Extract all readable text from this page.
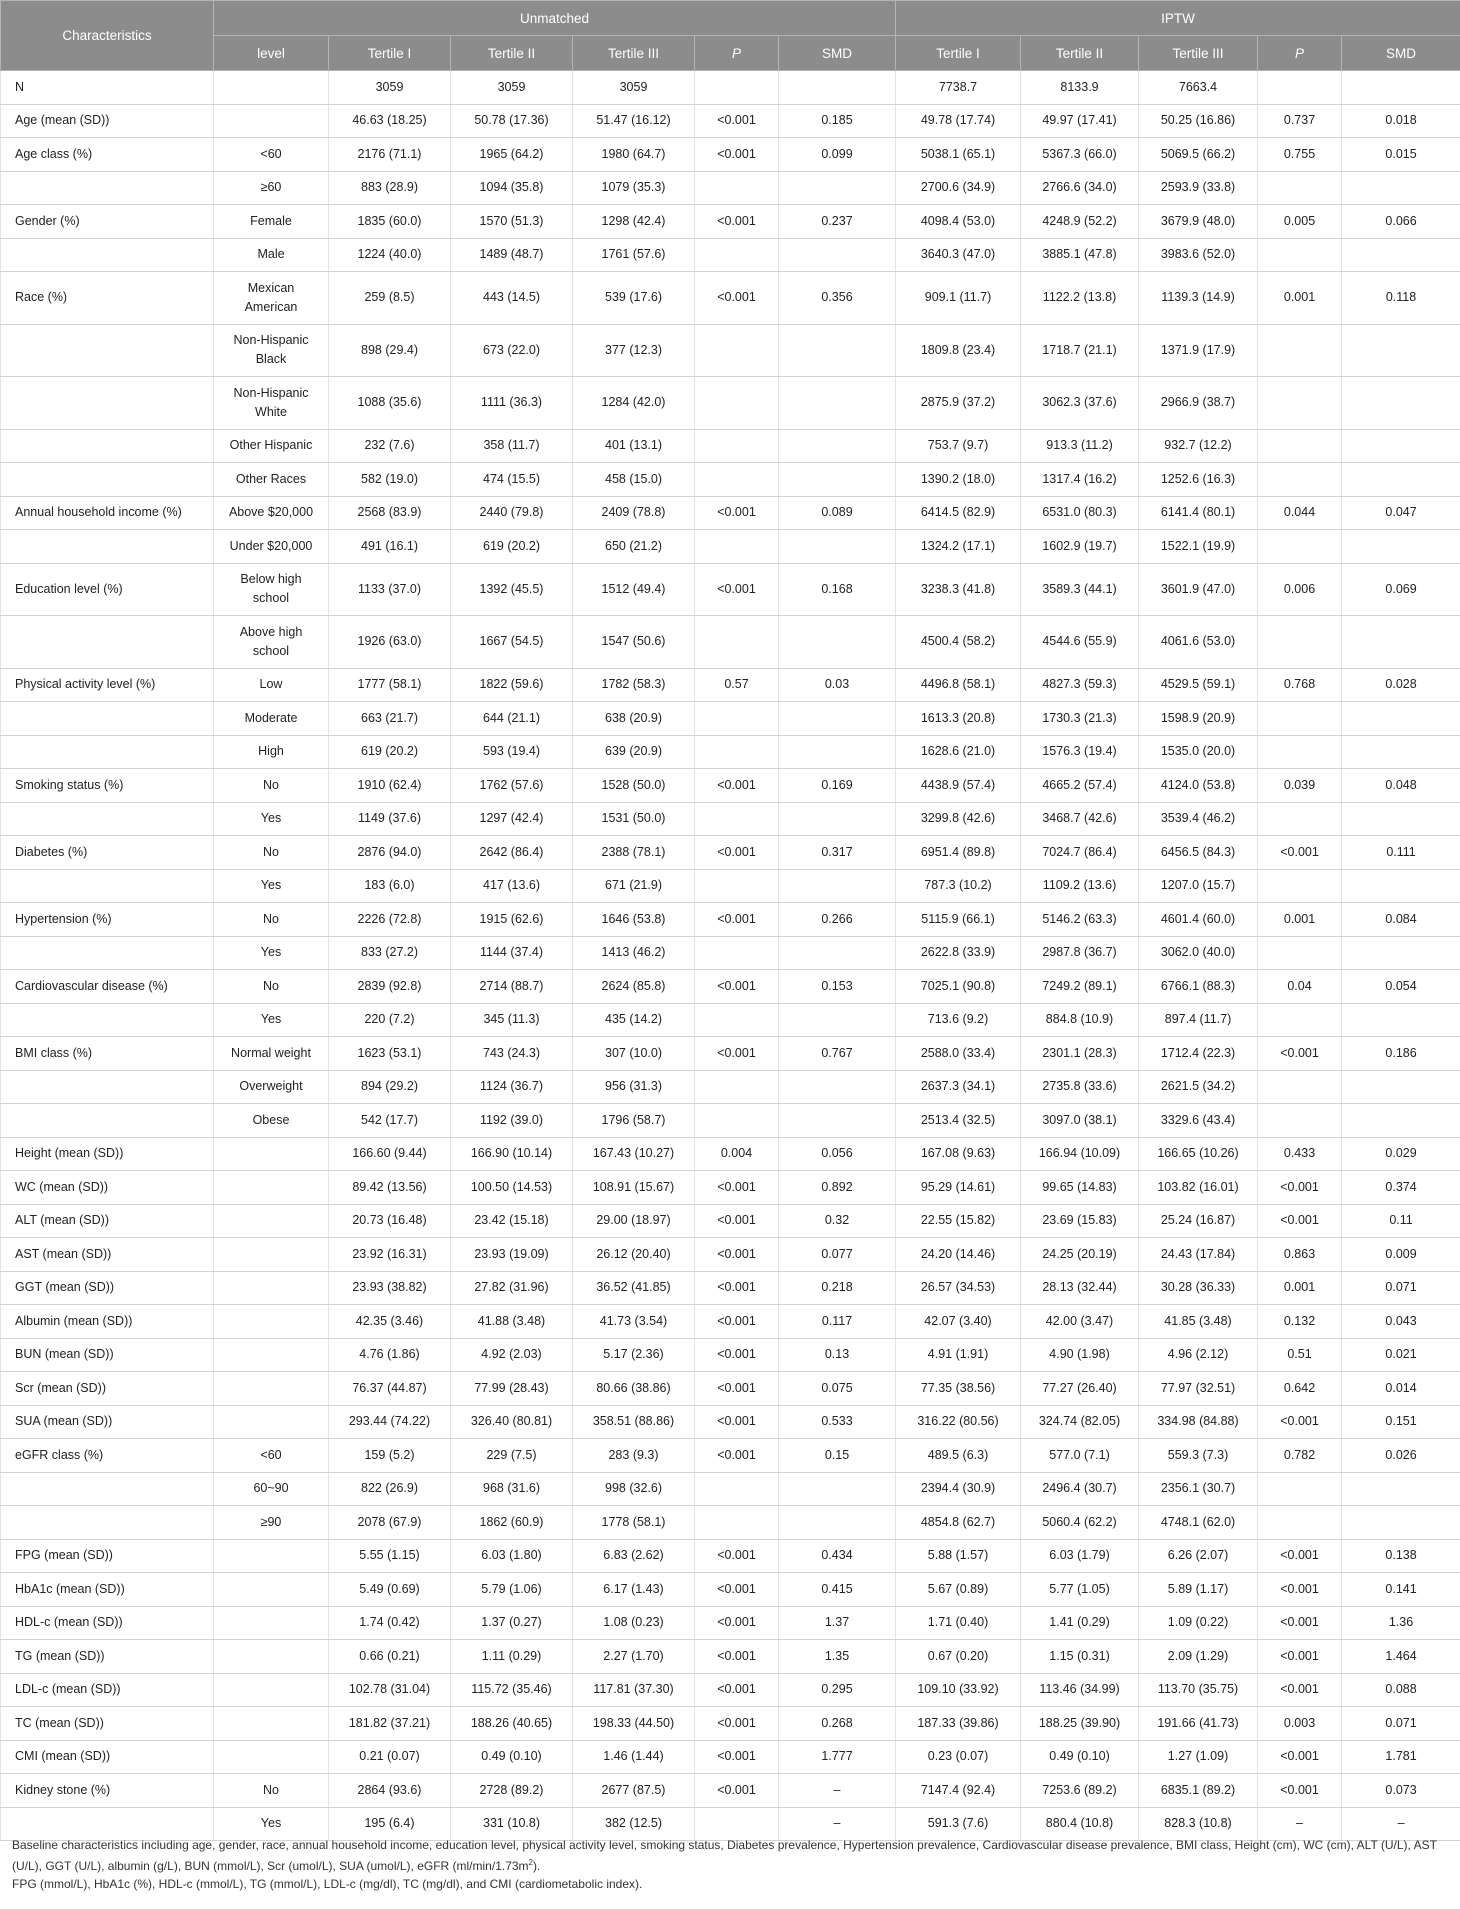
Characteristics	Unmatched						IPTW				
	level	Tertile I	Tertile II	Tertile III	P	SMD	Tertile I	Tertile II	Tertile III	P	SMD
N		3059	3059	3059			7738.7	8133.9	7663.4		
Age (mean (SD))		46.63 (18.25)	50.78 (17.36)	51.47 (16.12)	<0.001	0.185	49.78 (17.74)	49.97 (17.41)	50.25 (16.86)	0.737	0.018
Age class (%)	<60	2176 (71.1)	1965 (64.2)	1980 (64.7)	<0.001	0.099	5038.1 (65.1)	5367.3 (66.0)	5069.5 (66.2)	0.755	0.015
	≥60	883 (28.9)	1094 (35.8)	1079 (35.3)			2700.6 (34.9)	2766.6 (34.0)	2593.9 (33.8)		
Gender (%)	Female	1835 (60.0)	1570 (51.3)	1298 (42.4)	<0.001	0.237	4098.4 (53.0)	4248.9 (52.2)	3679.9 (48.0)	0.005	0.066
	Male	1224 (40.0)	1489 (48.7)	1761 (57.6)			3640.3 (47.0)	3885.1 (47.8)	3983.6 (52.0)		
Race (%)	Mexican American	259 (8.5)	443 (14.5)	539 (17.6)	<0.001	0.356	909.1 (11.7)	1122.2 (13.8)	1139.3 (14.9)	0.001	0.118
	Non-Hispanic Black	898 (29.4)	673 (22.0)	377 (12.3)			1809.8 (23.4)	1718.7 (21.1)	1371.9 (17.9)		
	Non-Hispanic White	1088 (35.6)	1111 (36.3)	1284 (42.0)			2875.9 (37.2)	3062.3 (37.6)	2966.9 (38.7)		
	Other Hispanic	232 (7.6)	358 (11.7)	401 (13.1)			753.7 (9.7)	913.3 (11.2)	932.7 (12.2)		
	Other Races	582 (19.0)	474 (15.5)	458 (15.0)			1390.2 (18.0)	1317.4 (16.2)	1252.6 (16.3)		
Annual household income (%)	Above $20,000	2568 (83.9)	2440 (79.8)	2409 (78.8)	<0.001	0.089	6414.5 (82.9)	6531.0 (80.3)	6141.4 (80.1)	0.044	0.047
	Under $20,000	491 (16.1)	619 (20.2)	650 (21.2)			1324.2 (17.1)	1602.9 (19.7)	1522.1 (19.9)		
Education level (%)	Below high school	1133 (37.0)	1392 (45.5)	1512 (49.4)	<0.001	0.168	3238.3 (41.8)	3589.3 (44.1)	3601.9 (47.0)	0.006	0.069
	Above high school	1926 (63.0)	1667 (54.5)	1547 (50.6)			4500.4 (58.2)	4544.6 (55.9)	4061.6 (53.0)		
Physical activity level (%)	Low	1777 (58.1)	1822 (59.6)	1782 (58.3)	0.57	0.03	4496.8 (58.1)	4827.3 (59.3)	4529.5 (59.1)	0.768	0.028
	Moderate	663 (21.7)	644 (21.1)	638 (20.9)			1613.3 (20.8)	1730.3 (21.3)	1598.9 (20.9)		
	High	619 (20.2)	593 (19.4)	639 (20.9)			1628.6 (21.0)	1576.3 (19.4)	1535.0 (20.0)		
Smoking status (%)	No	1910 (62.4)	1762 (57.6)	1528 (50.0)	<0.001	0.169	4438.9 (57.4)	4665.2 (57.4)	4124.0 (53.8)	0.039	0.048
	Yes	1149 (37.6)	1297 (42.4)	1531 (50.0)			3299.8 (42.6)	3468.7 (42.6)	3539.4 (46.2)		
Diabetes (%)	No	2876 (94.0)	2642 (86.4)	2388 (78.1)	<0.001	0.317	6951.4 (89.8)	7024.7 (86.4)	6456.5 (84.3)	<0.001	0.111
	Yes	183 (6.0)	417 (13.6)	671 (21.9)			787.3 (10.2)	1109.2 (13.6)	1207.0 (15.7)		
Hypertension (%)	No	2226 (72.8)	1915 (62.6)	1646 (53.8)	<0.001	0.266	5115.9 (66.1)	5146.2 (63.3)	4601.4 (60.0)	0.001	0.084
	Yes	833 (27.2)	1144 (37.4)	1413 (46.2)			2622.8 (33.9)	2987.8 (36.7)	3062.0 (40.0)		
Cardiovascular disease (%)	No	2839 (92.8)	2714 (88.7)	2624 (85.8)	<0.001	0.153	7025.1 (90.8)	7249.2 (89.1)	6766.1 (88.3)	0.04	0.054
	Yes	220 (7.2)	345 (11.3)	435 (14.2)			713.6 (9.2)	884.8 (10.9)	897.4 (11.7)		
BMI class (%)	Normal weight	1623 (53.1)	743 (24.3)	307 (10.0)	<0.001	0.767	2588.0 (33.4)	2301.1 (28.3)	1712.4 (22.3)	<0.001	0.186
	Overweight	894 (29.2)	1124 (36.7)	956 (31.3)			2637.3 (34.1)	2735.8 (33.6)	2621.5 (34.2)		
	Obese	542 (17.7)	1192 (39.0)	1796 (58.7)			2513.4 (32.5)	3097.0 (38.1)	3329.6 (43.4)		
Height (mean (SD))		166.60 (9.44)	166.90 (10.14)	167.43 (10.27)	0.004	0.056	167.08 (9.63)	166.94 (10.09)	166.65 (10.26)	0.433	0.029
WC (mean (SD))		89.42 (13.56)	100.50 (14.53)	108.91 (15.67)	<0.001	0.892	95.29 (14.61)	99.65 (14.83)	103.82 (16.01)	<0.001	0.374
ALT (mean (SD))		20.73 (16.48)	23.42 (15.18)	29.00 (18.97)	<0.001	0.32	22.55 (15.82)	23.69 (15.83)	25.24 (16.87)	<0.001	0.11
AST (mean (SD))		23.92 (16.31)	23.93 (19.09)	26.12 (20.40)	<0.001	0.077	24.20 (14.46)	24.25 (20.19)	24.43 (17.84)	0.863	0.009
GGT (mean (SD))		23.93 (38.82)	27.82 (31.96)	36.52 (41.85)	<0.001	0.218	26.57 (34.53)	28.13 (32.44)	30.28 (36.33)	0.001	0.071
Albumin (mean (SD))		42.35 (3.46)	41.88 (3.48)	41.73 (3.54)	<0.001	0.117	42.07 (3.40)	42.00 (3.47)	41.85 (3.48)	0.132	0.043
BUN (mean (SD))		4.76 (1.86)	4.92 (2.03)	5.17 (2.36)	<0.001	0.13	4.91 (1.91)	4.90 (1.98)	4.96 (2.12)	0.51	0.021
Scr (mean (SD))		76.37 (44.87)	77.99 (28.43)	80.66 (38.86)	<0.001	0.075	77.35 (38.56)	77.27 (26.40)	77.97 (32.51)	0.642	0.014
SUA (mean (SD))		293.44 (74.22)	326.40 (80.81)	358.51 (88.86)	<0.001	0.533	316.22 (80.56)	324.74 (82.05)	334.98 (84.88)	<0.001	0.151
eGFR class (%)	<60	159 (5.2)	229 (7.5)	283 (9.3)	<0.001	0.15	489.5 (6.3)	577.0 (7.1)	559.3 (7.3)	0.782	0.026
	60~90	822 (26.9)	968 (31.6)	998 (32.6)			2394.4 (30.9)	2496.4 (30.7)	2356.1 (30.7)		
	≥90	2078 (67.9)	1862 (60.9)	1778 (58.1)			4854.8 (62.7)	5060.4 (62.2)	4748.1 (62.0)		
FPG (mean (SD))		5.55 (1.15)	6.03 (1.80)	6.83 (2.62)	<0.001	0.434	5.88 (1.57)	6.03 (1.79)	6.26 (2.07)	<0.001	0.138
HbA1c (mean (SD))		5.49 (0.69)	5.79 (1.06)	6.17 (1.43)	<0.001	0.415	5.67 (0.89)	5.77 (1.05)	5.89 (1.17)	<0.001	0.141
HDL-c (mean (SD))		1.74 (0.42)	1.37 (0.27)	1.08 (0.23)	<0.001	1.37	1.71 (0.40)	1.41 (0.29)	1.09 (0.22)	<0.001	1.36
TG (mean (SD))		0.66 (0.21)	1.11 (0.29)	2.27 (1.70)	<0.001	1.35	0.67 (0.20)	1.15 (0.31)	2.09 (1.29)	<0.001	1.464
LDL-c (mean (SD))		102.78 (31.04)	115.72 (35.46)	117.81 (37.30)	<0.001	0.295	109.10 (33.92)	113.46 (34.99)	113.70 (35.75)	<0.001	0.088
TC (mean (SD))		181.82 (37.21)	188.26 (40.65)	198.33 (44.50)	<0.001	0.268	187.33 (39.86)	188.25 (39.90)	191.66 (41.73)	0.003	0.071
CMI (mean (SD))		0.21 (0.07)	0.49 (0.10)	1.46 (1.44)	<0.001	1.777	0.23 (0.07)	0.49 (0.10)	1.27 (1.09)	<0.001	1.781
Kidney stone (%)	No	2864 (93.6)	2728 (89.2)	2677 (87.5)	<0.001	–	7147.4 (92.4)	7253.6 (89.2)	6835.1 (89.2)	<0.001	0.073
	Yes	195 (6.4)	331 (10.8)	382 (12.5)		–	591.3 (7.6)	880.4 (10.8)	828.3 (10.8)	–	–
Baseline characteristics including age, gender, race, annual household income, education level, physical activity level, smoking status, Diabetes prevalence, Hypertension prevalence, Cardiovascular disease prevalence, BMI class, Height (cm), WC (cm), ALT (U/L), AST (U/L), GGT (U/L), albumin (g/L), BUN (mmol/L), Scr (umol/L), SUA (umol/L), eGFR $(ml/\min/1.73m^2)$.
FPG (mmol/L), HbA1c (%), HDL-c (mmol/L), TG (mmol/L), LDL-c (mg/dl), TC (mg/dl), and CMI (cardiometabolic index).
